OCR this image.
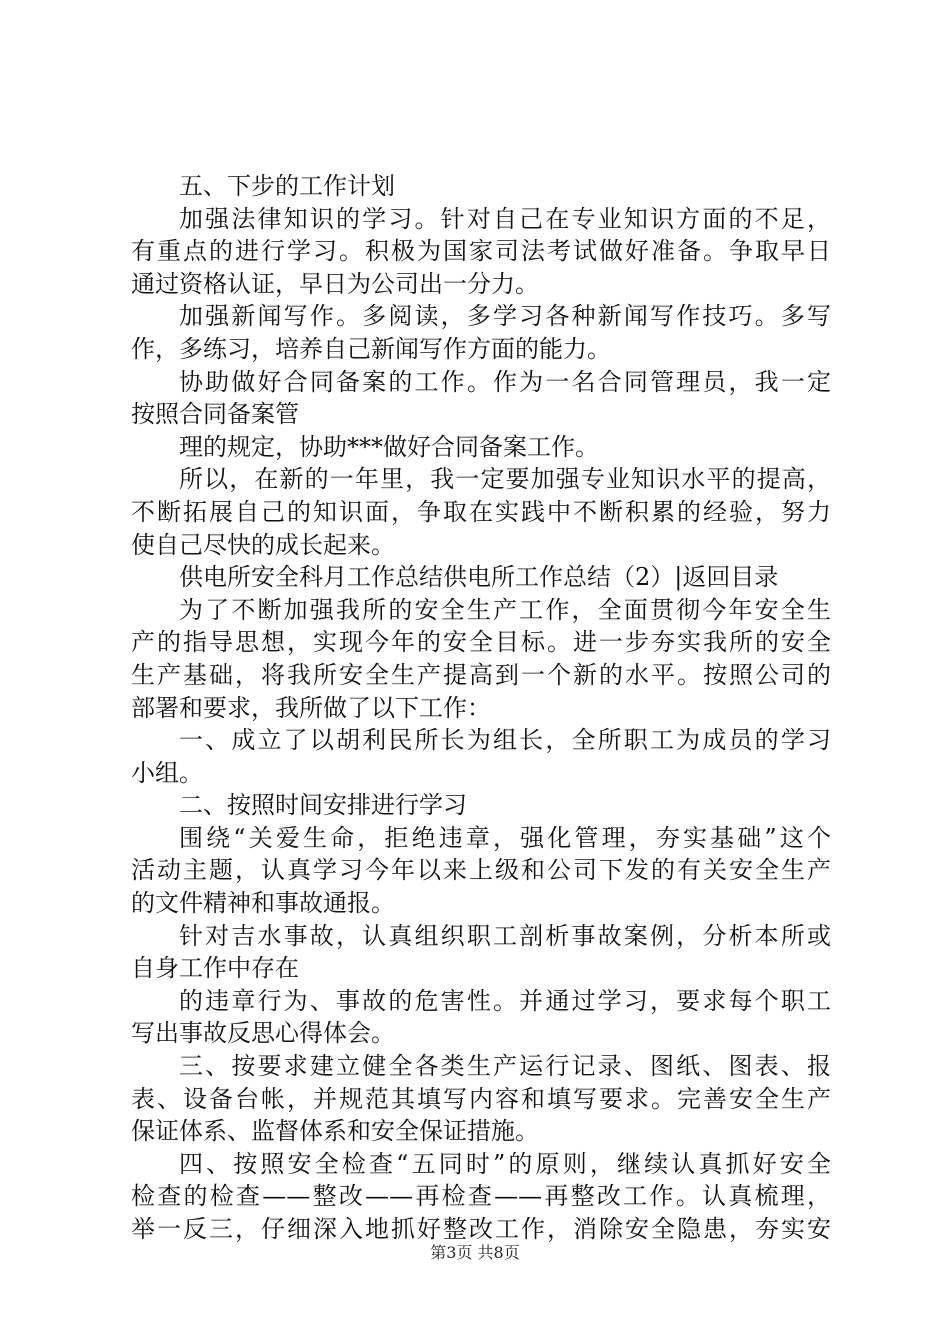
五、下步的工作计划
加强法律知识的学习。针对自己在专业知识方面的不足，
有重点的进行学习。积极为国家司法考试做好准备。争取早日
通过资格认证，早日为公司出一分力。
加强新闻写作。多阅读，多学习各种新闻写作技巧。多写
作，多练习，培养自己新闻写作方面的能力。
协助做好合同备案的工作。作为一名合同管理员，我一定
按照合同备案管
理的规定，协助***做好合同备案工作。
所以，在新的一年里，我一定要加强专业知识水平的提高，
不断拓展自己的知识面，争取在实践中不断积累的经验，努力
使自己尽快的成长起来。
供电所安全科月工作总结供电所工作总结（2）|返回目录
为了不断加强我所的安全生产工作，全面贯彻今年安全生
产的指导思想，实现今年的安全目标。进一步夯实我所的安全
生产基础，将我所安全生产提高到一个新的水平。按照公司的
部署和要求，我所做了以下工作：
一、成立了以胡利民所长为组长，全所职工为成员的学习
小组。
二、按照时间安排进行学习
围绕“关爱生命，拒绝违章，强化管理，夯实基础”这个
活动主题，认真学习今年以来上级和公司下发的有关安全生产
的文件精神和事故通报。
针对吉水事故，认真组织职工剖析事故案例，分析本所或
自身工作中存在
的违章行为、事故的危害性。并通过学习，要求每个职工
写出事故反思心得体会。
三、按要求建立健全各类生产运行记录、图纸、图表、报
表、设备台帐，并规范其填写内容和填写要求。完善安全生产
保证体系、监督体系和安全保证措施。
四、按照安全检查“五同时”的原则，继续认真抓好安全
检查的检查——整改——再检查——再整改工作。认真梳理，
举一反三，仔细深入地抓好整改工作，消除安全隐患，夯实安
第3页 共8页
